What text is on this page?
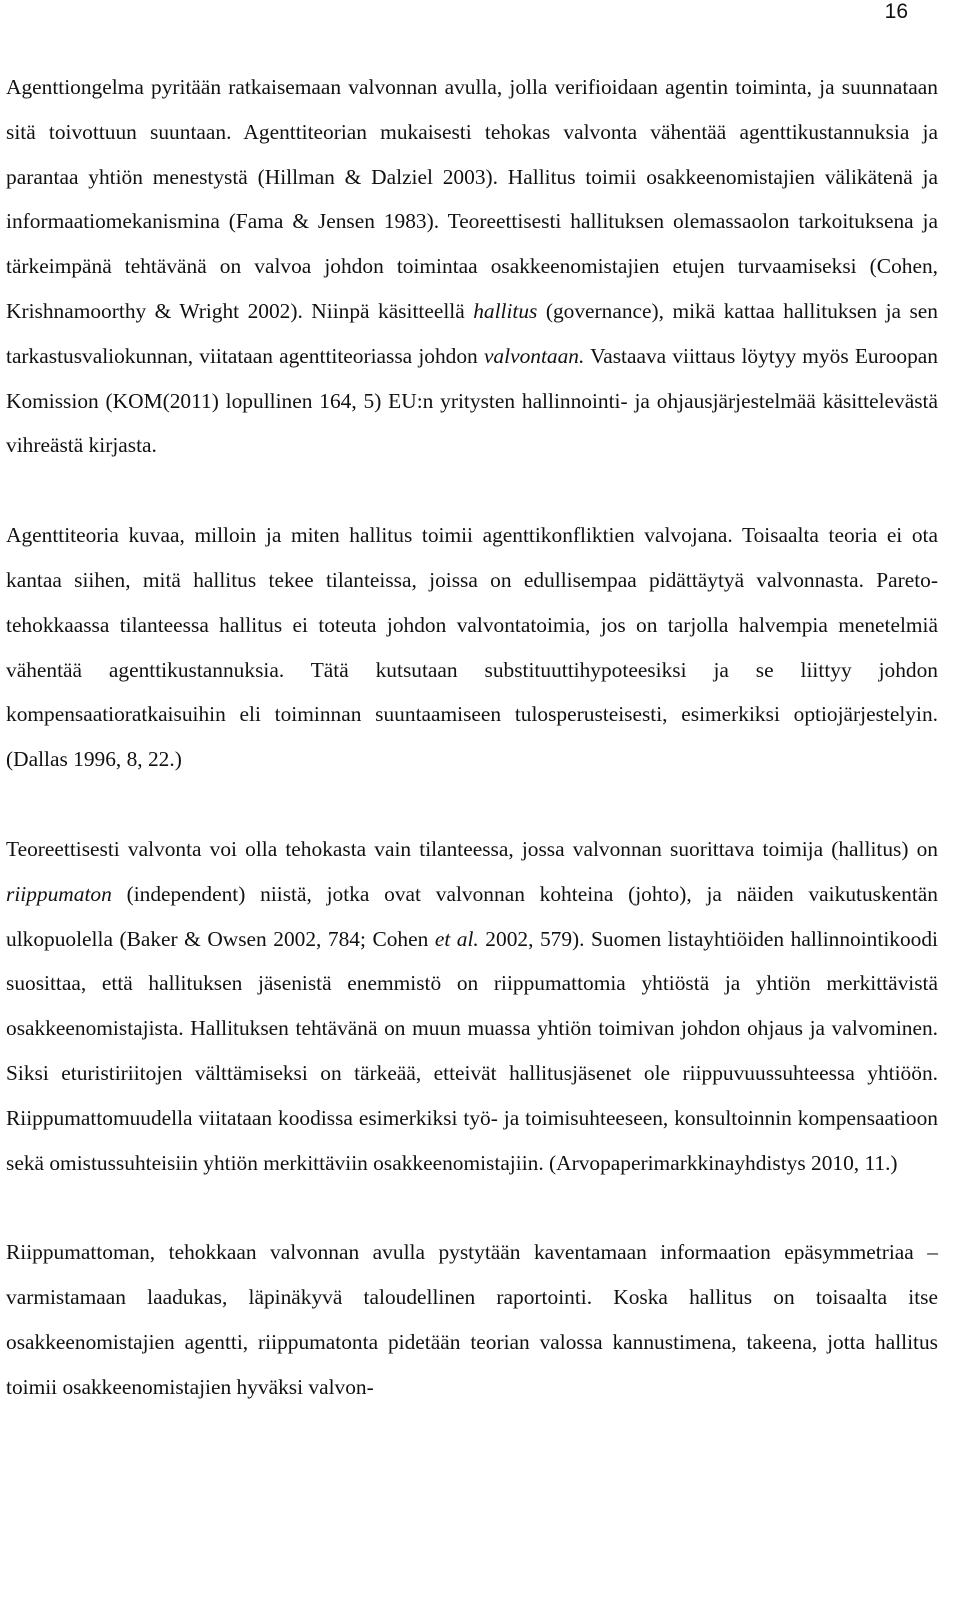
16

Agenttiongelma pyritään ratkaisemaan valvonnan avulla, jolla verifioidaan agentin toiminta, ja suunnataan sitä toivottuun suuntaan. Agenttiteorian mukaisesti tehokas valvonta vähentää agenttikustannuksia ja parantaa yhtiön menestystä (Hillman & Dalziel 2003). Hallitus toimii osakkeenomistajien välikätenä ja informaatiomekanismina (Fama & Jensen 1983). Teoreettisesti hallituksen olemassaolon tarkoituksena ja tärkeimpänä tehtävänä on valvoa johdon toimintaa osakkeenomistajien etujen turvaamiseksi (Cohen, Krishnamoorthy & Wright 2002). Niinpä käsitteellä hallitus (governance), mikä kattaa hallituksen ja sen tarkastusvaliokunnan, viitataan agenttiteoriassa johdon valvontaan. Vastaava viittaus löytyy myös Euroopan Komission (KOM(2011) lopullinen 164, 5) EU:n yritysten hallinnointi- ja ohjausjärjestelmää käsittelevästä vihreästä kirjasta.

Agenttiteoria kuvaa, milloin ja miten hallitus toimii agenttikonfliktien valvojana. Toisaalta teoria ei ota kantaa siihen, mitä hallitus tekee tilanteissa, joissa on edullisempaa pidättäytyä valvonnasta. Pareto-tehokkaassa tilanteessa hallitus ei toteuta johdon valvontatoimia, jos on tarjolla halvempia menetelmiä vähentää agenttikustannuksia. Tätä kutsutaan substituuttihypoteesiksi ja se liittyy johdon kompensaatioratkaisuihin eli toiminnan suuntaamiseen tulosperusteisesti, esimerkiksi optiojärjestelyin. (Dallas 1996, 8, 22.)

Teoreettisesti valvonta voi olla tehokasta vain tilanteessa, jossa valvonnan suorittava toimija (hallitus) on riippumaton (independent) niistä, jotka ovat valvonnan kohteina (johto), ja näiden vaikutuskentän ulkopuolella (Baker & Owsen 2002, 784; Cohen et al. 2002, 579). Suomen listayhtiöiden hallinnointikoodi suosittaa, että hallituksen jäsenistä enemmistö on riippumattomia yhtiöstä ja yhtiön merkittävistä osakkeenomistajista. Hallituksen tehtävänä on muun muassa yhtiön toimivan johdon ohjaus ja valvominen. Siksi eturistiriitojen välttämiseksi on tärkeää, etteivät hallitusjäsenet ole riippuvuussuhteessa yhtiöön. Riippumattomuudella viitataan koodissa esimerkiksi työ- ja toimisuhteeseen, konsultoinnin kompensaatioon sekä omistussuhteisiin yhtiön merkittäviin osakkeenomistajiin. (Arvopaperimarkkinayhdistys 2010, 11.)

Riippumattoman, tehokkaan valvonnan avulla pystytään kaventamaan informaation epäsymmetriaa – varmistamaan laadukas, läpinäkyvä taloudellinen raportointi. Koska hallitus on toisaalta itse osakkeenomistajien agentti, riippumatonta pidetään teorian valossa kannustimena, takeena, jotta hallitus toimii osakkeenomistajien hyväksi valvon-
